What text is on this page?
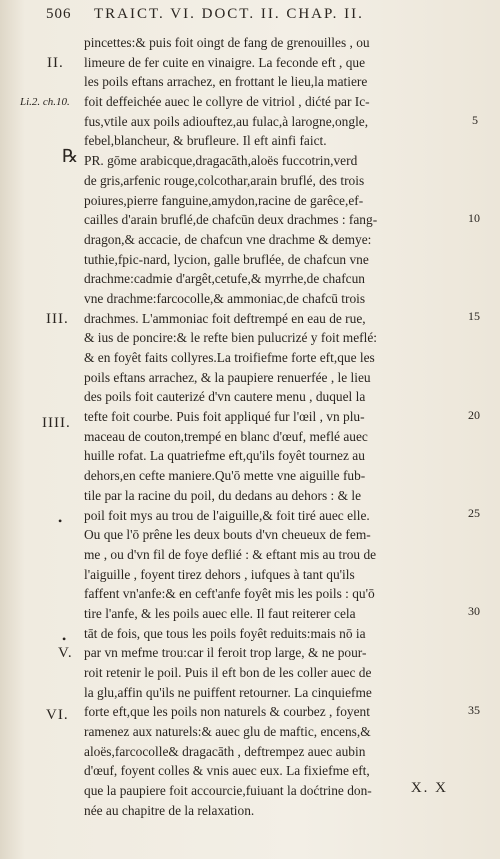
506 TRAICT. VI. DOCT. II. CHAP. II.
pincettes:& puis foit oingt de fang de grenouilles , ou
limeure de fer cuite en vinaigre. La feconde eft , que
les poils eftans arrachez, en frottant le lieu,la matiere
foit deffeichée auec le collyre de vitriol , dićté par Ic-
fus,vtile aux poils adiouftez,au fulac,à larogne,ongle,
febel,blancheur, & brufleure. Il eft ainfi faict.
PR. gōme arabicque,dragacāth,aloës fuccotrin,verd
de gris,arfenic rouge,colcothar,arain bruflé, des trois
poiures,pierre fanguine,amydon,racine de garêce,ef-
cailles d'arain bruflé,de chafcūn deux drachmes : fang-
dragon,& accacie, de chafcun vne drachme & demye:
tuthie,fpic-nard, lycion, galle bruflée, de chafcun vne
drachme:cadmie d'argêt,cetufe,& myrrhe,de chafcun
vne drachme:farcocolle,& ammoniac,de chafcū trois
drachmes. L'ammoniac foit deftrempé en eau de rue,
& ius de poncire:& le refte bien pulucrizé y foit meflé:
& en foyêt faits collyres.La troifiefme forte eft,que les
poils eftans arrachez, & la paupiere renuerfée , le lieu
des poils foit cauterizé d'vn cautere menu , duquel la
tefte foit courbe. Puis foit appliqué fur l'œil , vn plu-
maceau de couton,trempé en blanc d'œuf, meflé auec
huille rofat. La quatriefme eft,qu'ils foyêt tournez au
dehors,en cefte maniere.Qu'ō mette vne aiguille fub-
tile par la racine du poil, du dedans au dehors : & le
poil foit mys au trou de l'aiguille,& foit tiré auec elle.
Ou que l'ō prêne les deux bouts d'vn cheueux de fem-
me , ou d'vn fil de foye deflié : & eftant mis au trou de
l'aiguille , foyent tirez dehors , iufques à tant qu'ils
faffent vn'anfe:& en ceft'anfe foyêt mis les poils : qu'ō
tire l'anfe, & les poils auec elle. Il faut reiterer cela
tāt de fois, que tous les poils foyêt reduits:mais nō ia
par vn mefme trou:car il feroit trop large, & ne pour-
roit retenir le poil. Puis il eft bon de les coller auec de
la glu,affin qu'ils ne puiffent retourner. La cinquiefme
forte eft,que les poils non naturels & courbez , foyent
ramenez aux naturels:& auec glu de maftic, encens,&
aloës,farcocolle& dragacāth , deftrempez auec aubin
d'œuf, foyent colles & vnis auec eux. La fixiefme eft,
que la paupiere foit accourcie,fuiuant la doćtrine don-
née au chapitre de la relaxation.
II.
Li.2. ch.10.
℞
III.
IIII.
•
•
V.
VI.
5
10
15
20
25
30
35
X. X
